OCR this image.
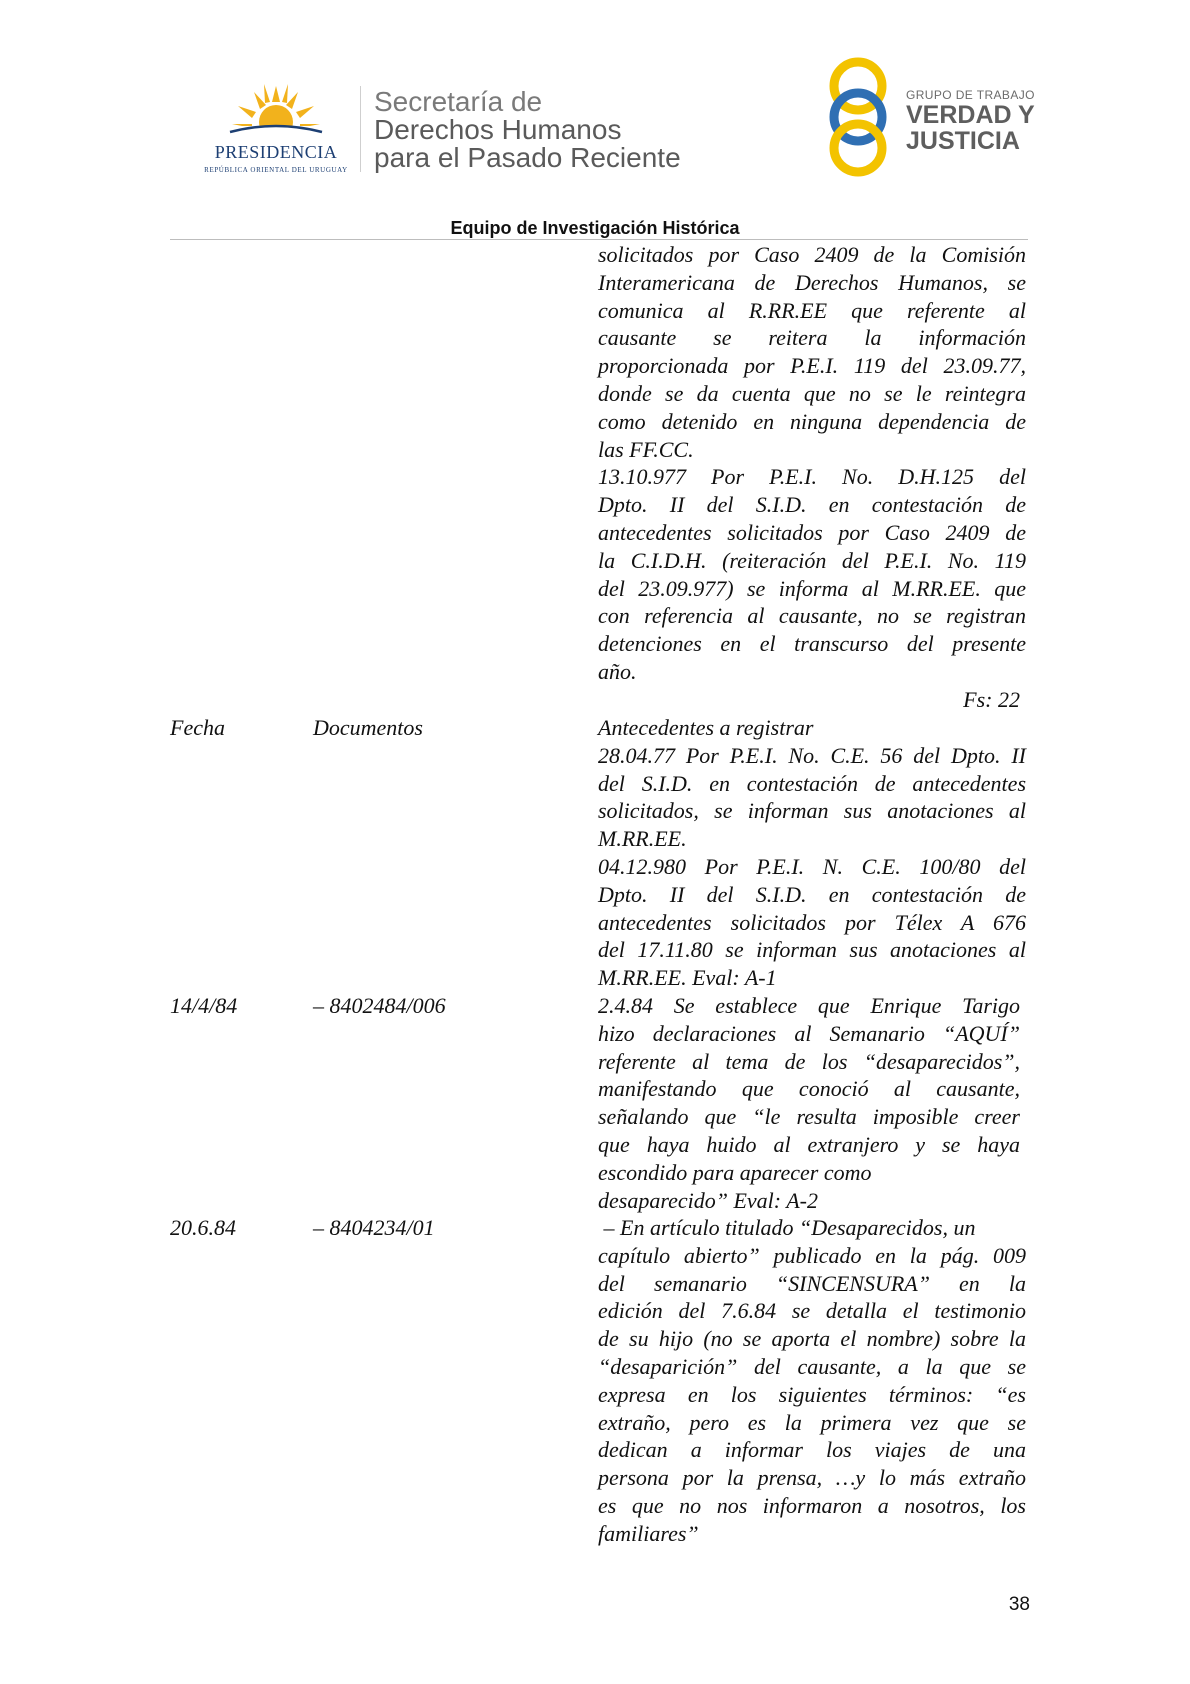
PRESIDENCIA
REPÚBLICA ORIENTAL DEL URUGUAY
Secretaría de
Derechos Humanos
para el Pasado Reciente
GRUPO DE TRABAJO
VERDAD Y
JUSTICIA
Equipo de Investigación Histórica
solicitados por Caso 2409 de la Comisión
Interamericana de Derechos Humanos, se
comunica al R.RR.EE que referente al
causante se reitera la información
proporcionada por P.E.I. 119 del 23.09.77,
donde se da cuenta que no se le reintegra
como detenido en ninguna dependencia de
las FF.CC.
13.10.977 Por P.E.I. No. D.H.125 del
Dpto. II del S.I.D. en contestación de
antecedentes solicitados por Caso 2409 de
la C.I.D.H. (reiteración del P.E.I. No. 119
del 23.09.977) se informa al M.RR.EE. que
con referencia al causante, no se registran
detenciones en el transcurso del presente
año.
Fs: 22
Fecha	Documentos	Antecedentes a registrar
28.04.77 Por P.E.I. No. C.E. 56 del Dpto. II
del S.I.D. en contestación de antecedentes
solicitados, se informan sus anotaciones al
M.RR.EE.
04.12.980 Por P.E.I. N. C.E. 100/80 del
Dpto. II del S.I.D. en contestación de
antecedentes solicitados por Télex A 676
del 17.11.80 se informan sus anotaciones al
M.RR.EE. Eval: A-1
14/4/84	– 8402484/006	2.4.84 Se establece que Enrique Tarigo
hizo declaraciones al Semanario “AQUÍ”
referente al tema de los “desaparecidos”,
manifestando que conoció al causante,
señalando que “le resulta imposible creer
que haya huido al extranjero y se haya
escondido para aparecer como
desaparecido” Eval: A-2
20.6.84	– 8404234/01	– En artículo titulado “Desaparecidos, un
capítulo abierto” publicado en la pág. 009
del semanario “SINCENSURA” en la
edición del 7.6.84 se detalla el testimonio
de su hijo (no se aporta el nombre) sobre la
“desaparición” del causante, a la que se
expresa en los siguientes términos: “es
extraño, pero es la primera vez que se
dedican a informar los viajes de una
persona por la prensa, …y lo más extraño
es que no nos informaron a nosotros, los
familiares”
38
